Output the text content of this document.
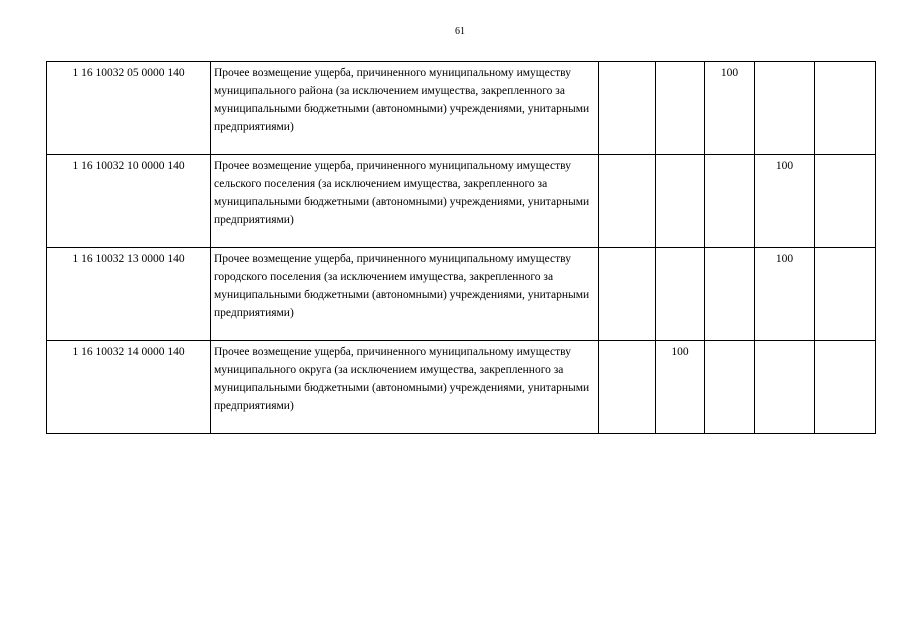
61
1 16 10032 05 0000 140	Прочее возмещение ущерба, причиненного муниципальному имуществу муниципального района (за исключением имущества, закрепленного за муниципальными бюджетными (автономными) учреждениями, унитарными предприятиями)			100		
1 16 10032 10 0000 140	Прочее возмещение ущерба, причиненного муниципальному имуществу сельского поселения (за исключением имущества, закрепленного за муниципальными бюджетными (автономными) учреждениями, унитарными предприятиями)				100	
1 16 10032 13 0000 140	Прочее возмещение ущерба, причиненного муниципальному имуществу городского поселения (за исключением имущества, закрепленного за муниципальными бюджетными (автономными) учреждениями, унитарными предприятиями)				100	
1 16 10032 14 0000 140	Прочее возмещение ущерба, причиненного муниципальному имуществу муниципального округа (за исключением имущества, закрепленного за муниципальными бюджетными (автономными) учреждениями, унитарными предприятиями)		100			
